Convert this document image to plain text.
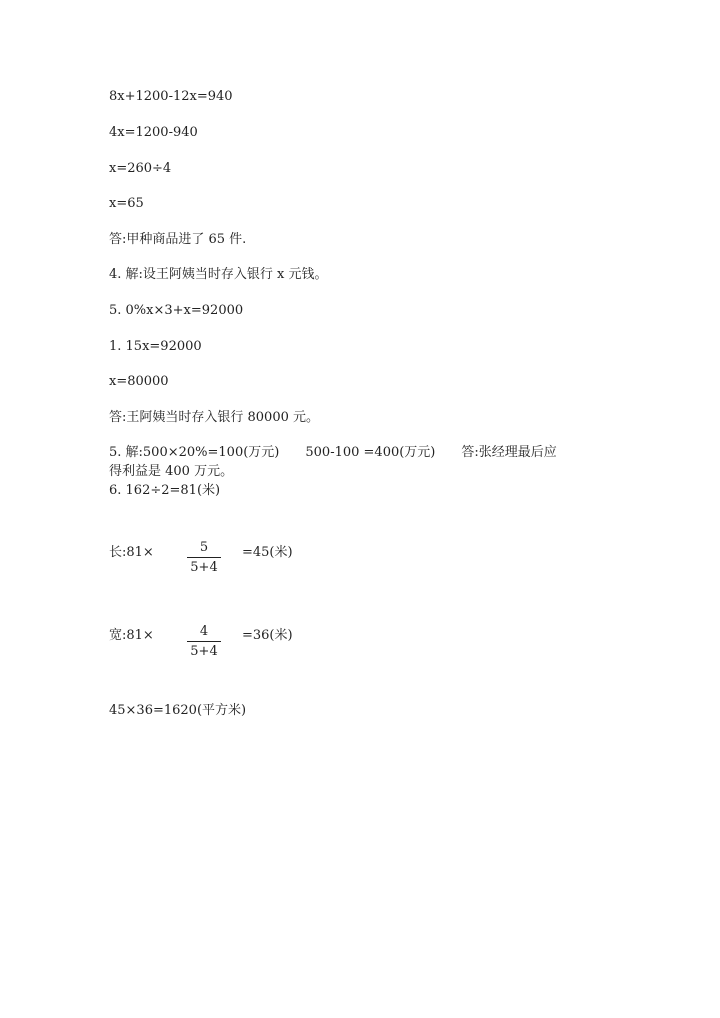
8x+1200-12x=940
4x=1200-940
x=260÷4
x=65
答:甲种商品进了 65 件.
4. 解:设王阿姨当时存入银行 x 元钱。
5. 0%x×3+x=92000
1. 15x=92000
x=80000
答:王阿姨当时存入银行 80000 元。
5. 解:500×20%=100(万元) 500-100 =400(万元) 答:张经理最后应
得利益是 400 万元。
6. 162÷2=81(米)
长:81×	$\frac{5}{5+4} =45$(米)
宽:81×	$\frac{4}{5+4} =36$(米)
45×36=1620(平方米)
